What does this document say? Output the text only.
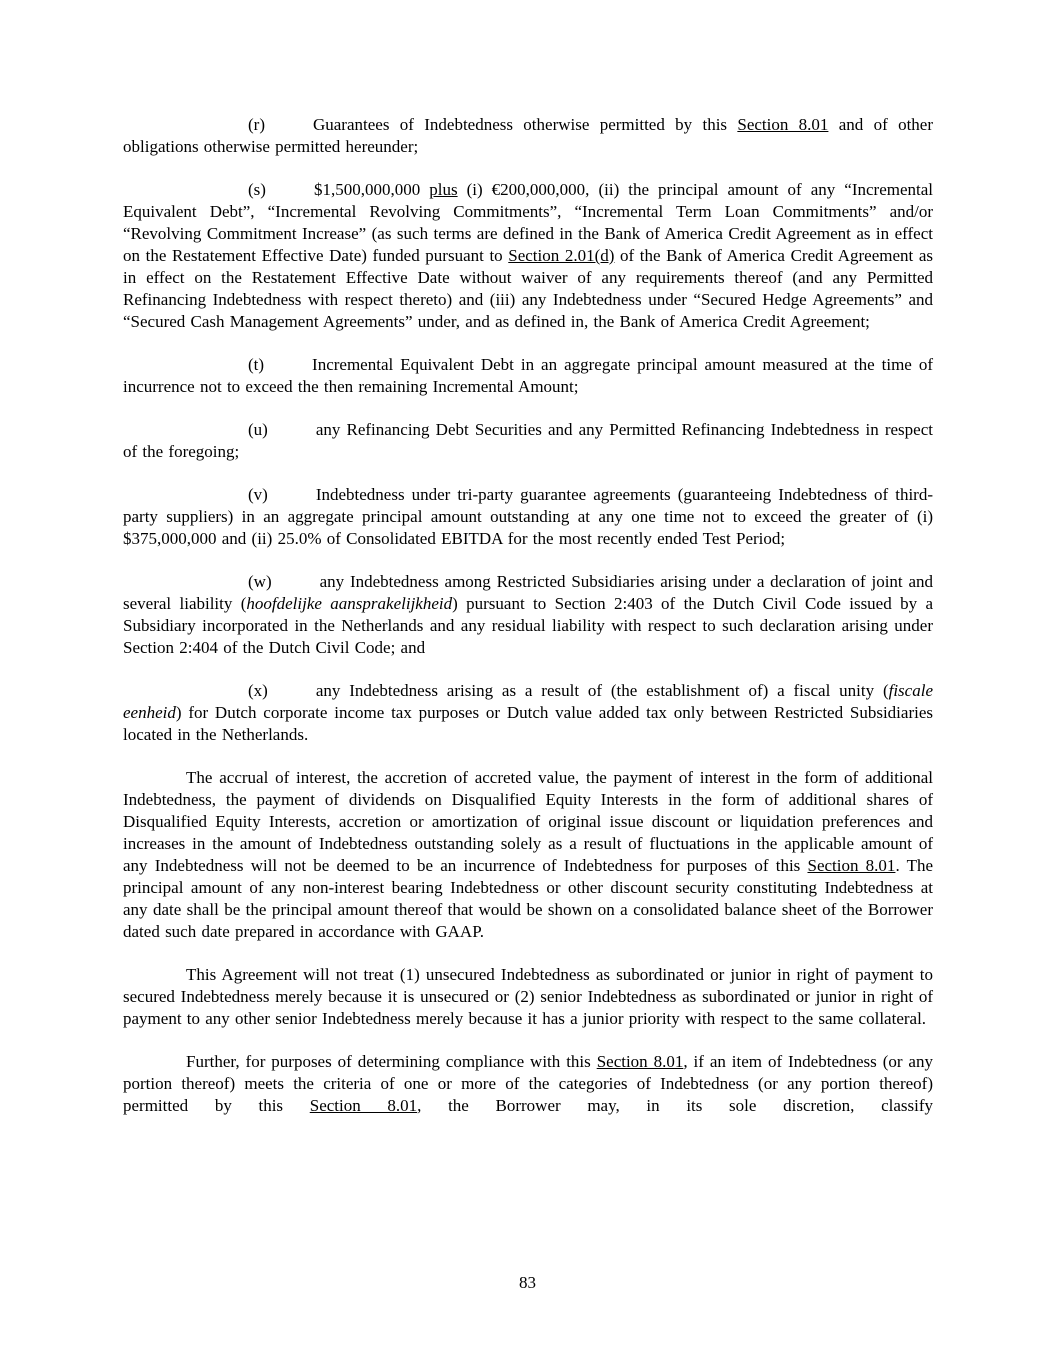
(r)	Guarantees of Indebtedness otherwise permitted by this Section 8.01 and of other obligations otherwise permitted hereunder;

(s)	$1,500,000,000 plus (i) €200,000,000, (ii) the principal amount of any “Incremental Equivalent Debt”, “Incremental Revolving Commitments”, “Incremental Term Loan Commitments” and/or “Revolving Commitment Increase” (as such terms are defined in the Bank of America Credit Agreement as in effect on the Restatement Effective Date) funded pursuant to Section 2.01(d) of the Bank of America Credit Agreement as in effect on the Restatement Effective Date without waiver of any requirements thereof (and any Permitted Refinancing Indebtedness with respect thereto) and (iii) any Indebtedness under “Secured Hedge Agreements” and “Secured Cash Management Agreements” under, and as defined in, the Bank of America Credit Agreement;

(t)	Incremental Equivalent Debt in an aggregate principal amount measured at the time of incurrence not to exceed the then remaining Incremental Amount;

(u)	any Refinancing Debt Securities and any Permitted Refinancing Indebtedness in respect of the foregoing;

(v)	Indebtedness under tri-party guarantee agreements (guaranteeing Indebtedness of third-party suppliers) in an aggregate principal amount outstanding at any one time not to exceed the greater of (i) $375,000,000 and (ii) 25.0% of Consolidated EBITDA for the most recently ended Test Period;

(w)	any Indebtedness among Restricted Subsidiaries arising under a declaration of joint and several liability (hoofdelijke aansprakelijkheid) pursuant to Section 2:403 of the Dutch Civil Code issued by a Subsidiary incorporated in the Netherlands and any residual liability with respect to such declaration arising under Section 2:404 of the Dutch Civil Code; and

(x)	any Indebtedness arising as a result of (the establishment of) a fiscal unity (fiscale eenheid) for Dutch corporate income tax purposes or Dutch value added tax only between Restricted Subsidiaries located in the Netherlands.

The accrual of interest, the accretion of accreted value, the payment of interest in the form of additional Indebtedness, the payment of dividends on Disqualified Equity Interests in the form of additional shares of Disqualified Equity Interests, accretion or amortization of original issue discount or liquidation preferences and increases in the amount of Indebtedness outstanding solely as a result of fluctuations in the applicable amount of any Indebtedness will not be deemed to be an incurrence of Indebtedness for purposes of this Section 8.01. The principal amount of any non-interest bearing Indebtedness or other discount security constituting Indebtedness at any date shall be the principal amount thereof that would be shown on a consolidated balance sheet of the Borrower dated such date prepared in accordance with GAAP.

This Agreement will not treat (1) unsecured Indebtedness as subordinated or junior in right of payment to secured Indebtedness merely because it is unsecured or (2) senior Indebtedness as subordinated or junior in right of payment to any other senior Indebtedness merely because it has a junior priority with respect to the same collateral.

Further, for purposes of determining compliance with this Section 8.01, if an item of Indebtedness (or any portion thereof) meets the criteria of one or more of the categories of Indebtedness (or any portion thereof) permitted by this Section 8.01, the Borrower may, in its sole discretion, classify

83
